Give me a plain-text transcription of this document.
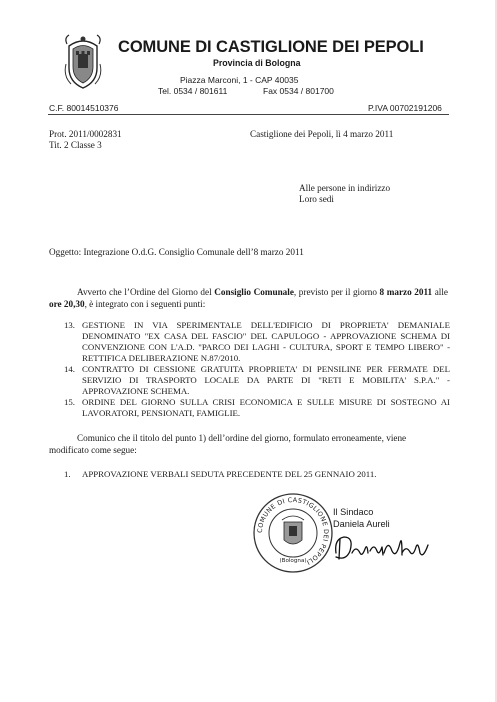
COMUNE DI CASTIGLIONE DEI PEPOLI
Provincia di Bologna
Piazza Marconi, 1 - CAP 40035
Tel. 0534 / 801611	Fax 0534 / 801700
C.F. 80014510376	P.IVA 00702191206
Prot. 2011/0002831
Tit. 2 Classe 3
Castiglione dei Pepoli, lì 4 marzo 2011
Alle persone in indirizzo
Loro sedi
Oggetto: Integrazione O.d.G. Consiglio Comunale dell’8 marzo 2011
Avverto che l’Ordine del Giorno del Consiglio Comunale, previsto per il giorno 8 marzo 2011 alle ore 20,30, è integrato con i seguenti punti:
13. GESTIONE IN VIA SPERIMENTALE DELL'EDIFICIO DI PROPRIETA' DEMANIALE DENOMINATO "EX CASA DEL FASCIO" DEL CAPULOGO - APPROVAZIONE SCHEMA DI CONVENZIONE CON L'A.D. "PARCO DEI LAGHI - CULTURA, SPORT E TEMPO LIBERO" - RETTIFICA DELIBERAZIONE N.87/2010.
14. CONTRATTO DI CESSIONE GRATUITA PROPRIETA' DI PENSILINE PER FERMATE DEL SERVIZIO DI TRASPORTO LOCALE DA PARTE DI "RETI E MOBILITA' S.P.A." - APPROVAZIONE SCHEMA.
15. ORDINE DEL GIORNO SULLA CRISI ECONOMICA E SULLE MISURE DI SOSTEGNO AI LAVORATORI, PENSIONATI, FAMIGLIE.
Comunico che il titolo del punto 1) dell’ordine del giorno, formulato erroneamente, viene modificato come segue:
1.	APPROVAZIONE VERBALI SEDUTA PRECEDENTE DEL 25 GENNAIO 2011.
COMUNE DI CASTIGLIONE DEI PEPOLI
(Bologna)
Il Sindaco
Daniela Aureli
